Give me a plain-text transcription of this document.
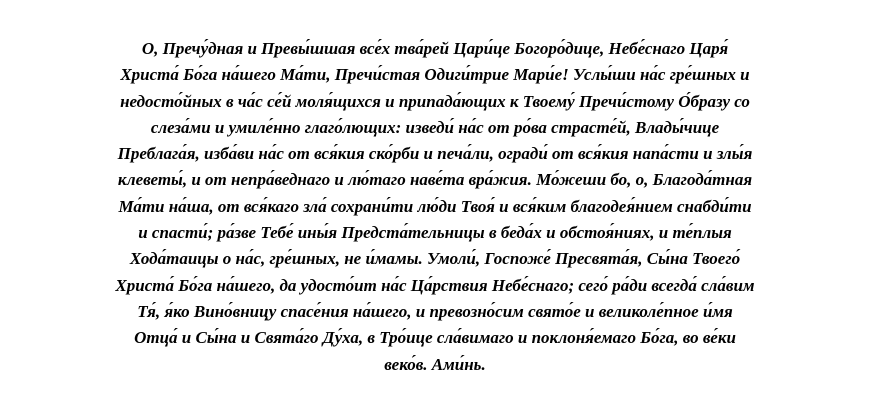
О, Пречу́дная и Превы́шшая все́х тва́рей Цари́це Богоро́дице, Небе́снаго Царя́
Христа́ Бо́га на́шего Ма́ти, Пречи́стая Одиги́трие Мари́е! Услы́ши на́с гре́шных и
недосто́йных в ча́с се́й моля́щихся и припада́ющих к Твоему́ Пречи́стому О́бразу со
слеза́ми и умиле́нно глаго́лющих: изведи́ на́с от ро́ва страсте́й, Влады́чице
Преблага́я, изба́ви на́с от вся́кия ско́рби и печа́ли, огради́ от вся́кия напа́сти и злы́я
клеветы́, и от непра́веднаго и лю́таго наве́та вра́жия. Мо́жеши бо, о, Благода́тная
Ма́ти на́ша, от вся́каго зла́ сохрани́ти лю́ди Твоя́ и вся́ким благодея́нием снабди́ти
и спасти́; ра́зве Тебе́ ины́я Предста́тельницы в беда́х и обстоя́ниях, и те́плыя
Хода́таицы о на́с, гре́шных, не и́мамы. Умоли́, Госпоже́ Пресвята́я, Сы́на Твоего́
Христа́ Бо́га на́шего, да удосто́ит на́с Ца́рствия Небе́снаго; сего́ ра́ди всегда́ сла́вим
Тя́, я́ко Вино́вницу спасе́ния на́шего, и превозно́сим свято́е и великоле́пное и́мя
Отца́ и Сы́на и Свята́го Ду́ха, в Тро́ице сла́вимаго и поклоня́емаго Бо́га, во ве́ки
веко́в. Ами́нь.
